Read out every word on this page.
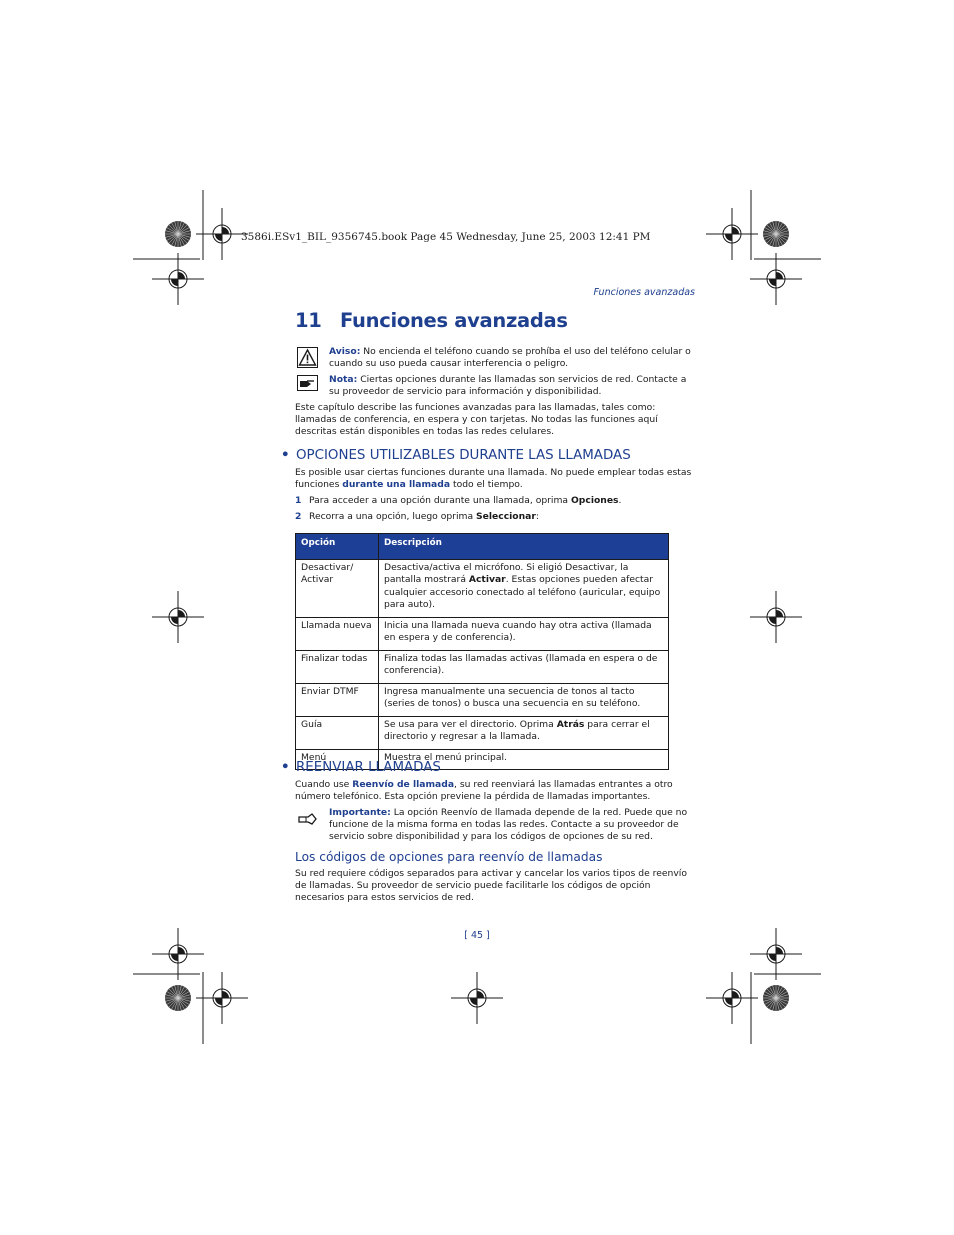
3586i.ESv1_BIL_9356745.book Page 45 Wednesday, June 25, 2003 12:41 PM
Funciones avanzadas
11 Funciones avanzadas
Aviso: No encienda el teléfono cuando se prohíba el uso del teléfono celular o cuando su uso pueda causar interferencia o peligro.
Nota: Ciertas opciones durante las llamadas son servicios de red. Contacte a su proveedor de servicio para información y disponibilidad.
Este capítulo describe las funciones avanzadas para las llamadas, tales como: llamadas de conferencia, en espera y con tarjetas. No todas las funciones aquí descritas están disponibles en todas las redes celulares.
• OPCIONES UTILIZABLES DURANTE LAS LLAMADAS
Es posible usar ciertas funciones durante una llamada. No puede emplear todas estas funciones durante una llamada todo el tiempo.
1 Para acceder a una opción durante una llamada, oprima Opciones.
2 Recorra a una opción, luego oprima Seleccionar:
Opción	Descripción
Desactivar/ Activar	Desactiva/activa el micrófono. Si eligió Desactivar, la pantalla mostrará Activar. Estas opciones pueden afectar cualquier accesorio conectado al teléfono (auricular, equipo para auto).
Llamada nueva	Inicia una llamada nueva cuando hay otra activa (llamada en espera y de conferencia).
Finalizar todas	Finaliza todas las llamadas activas (llamada en espera o de conferencia).
Enviar DTMF	Ingresa manualmente una secuencia de tonos al tacto (series de tonos) o busca una secuencia en su teléfono.
Guía	Se usa para ver el directorio. Oprima Atrás para cerrar el directorio y regresar a la llamada.
Menú	Muestra el menú principal.
• REENVIAR LLAMADAS
Cuando use Reenvío de llamada, su red reenviará las llamadas entrantes a otro número telefónico. Esta opción previene la pérdida de llamadas importantes.
Importante: La opción Reenvío de llamada depende de la red. Puede que no funcione de la misma forma en todas las redes. Contacte a su proveedor de servicio sobre disponibilidad y para los códigos de opciones de su red.
Los códigos de opciones para reenvío de llamadas
Su red requiere códigos separados para activar y cancelar los varios tipos de reenvío de llamadas. Su proveedor de servicio puede facilitarle los códigos de opción necesarios para estos servicios de red.
[ 45 ]
